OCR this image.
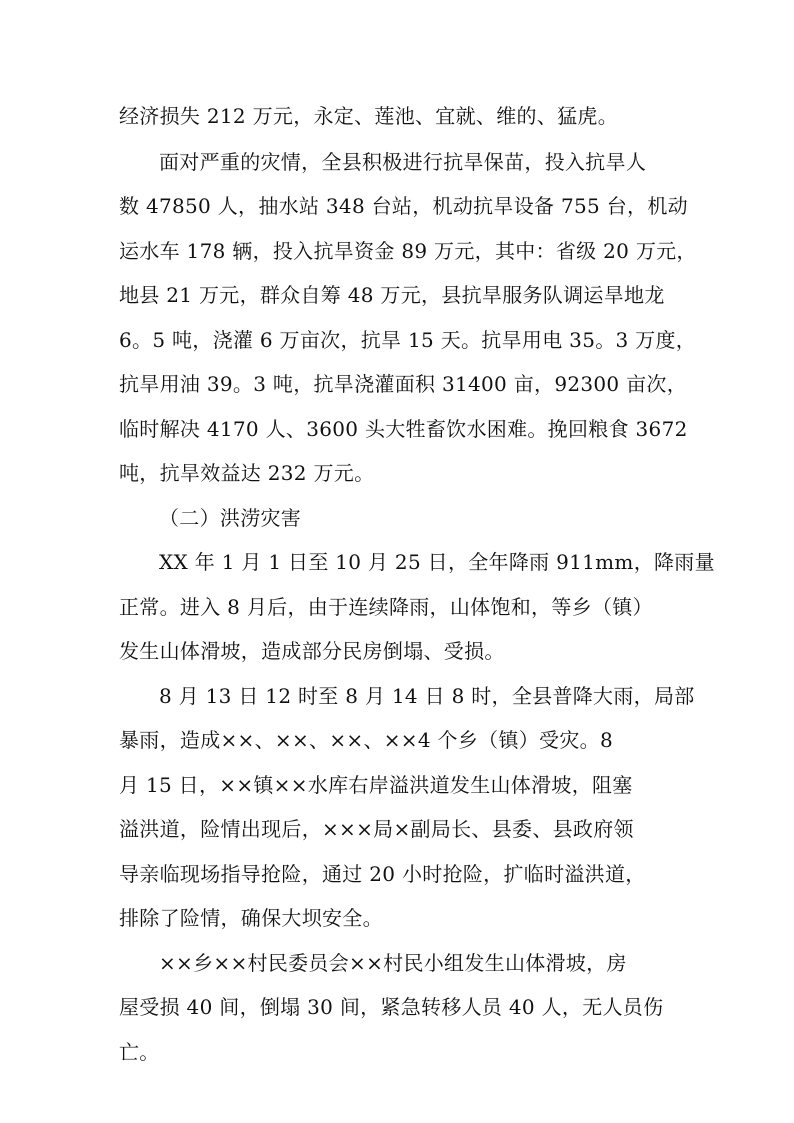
经济损失 212 万元，永定、莲池、宜就、维的、猛虎。
面对严重的灾情，全县积极进行抗旱保苗，投入抗旱人
数 47850 人，抽水站 348 台站，机动抗旱设备 755 台，机动
运水车 178 辆，投入抗旱资金 89 万元，其中：省级 20 万元，
地县 21 万元，群众自筹 48 万元，县抗旱服务队调运旱地龙
6。5 吨，浇灌 6 万亩次，抗旱 15 天。抗旱用电 35。3 万度，
抗旱用油 39。3 吨，抗旱浇灌面积 31400 亩，92300 亩次，
临时解决 4170 人、3600 头大牲畜饮水困难。挽回粮食 3672
吨，抗旱效益达 232 万元。
（二）洪涝灾害
XX 年 1 月 1 日至 10 月 25 日，全年降雨 911mm，降雨量
正常。进入 8 月后，由于连续降雨，山体饱和，等乡（镇）
发生山体滑坡，造成部分民房倒塌、受损。
8 月 13 日 12 时至 8 月 14 日 8 时，全县普降大雨，局部
暴雨，造成××、××、××、××4 个乡（镇）受灾。8
月 15 日，××镇××水库右岸溢洪道发生山体滑坡，阻塞
溢洪道，险情出现后，×××局×副局长、县委、县政府领
导亲临现场指导抢险，通过 20 小时抢险，扩临时溢洪道，
排除了险情，确保大坝安全。
××乡××村民委员会××村民小组发生山体滑坡，房
屋受损 40 间，倒塌 30 间，紧急转移人员 40 人，无人员伤
亡。
